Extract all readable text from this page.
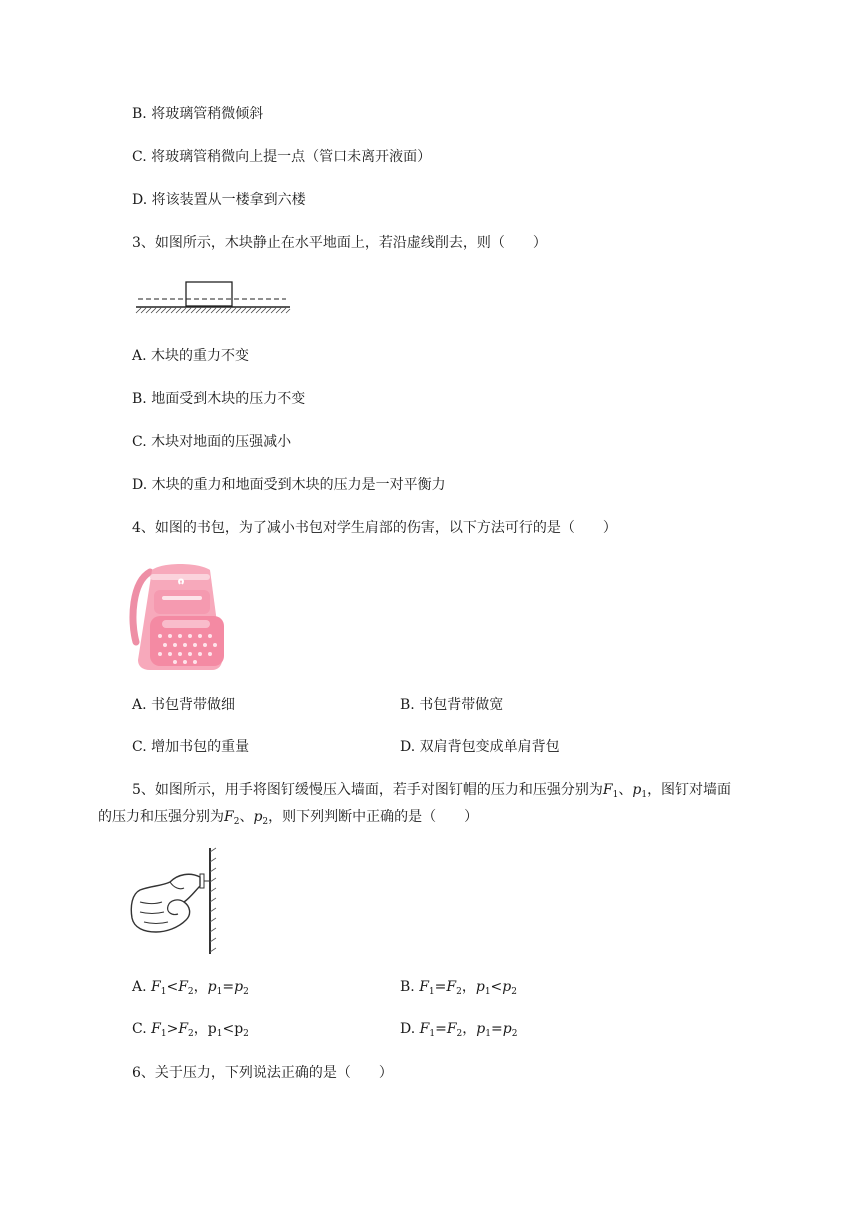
B. 将玻璃管稍微倾斜
C. 将玻璃管稍微向上提一点（管口未离开液面）
D. 将该装置从一楼拿到六楼
3、如图所示，木块静止在水平地面上，若沿虚线削去，则（　　）
A. 木块的重力不变
B. 地面受到木块的压力不变
C. 木块对地面的压强减小
D. 木块的重力和地面受到木块的压力是一对平衡力
4、如图的书包，为了减小书包对学生肩部的伤害，以下方法可行的是（　　）
A. 书包背带做细	B. 书包背带做宽
C. 增加书包的重量	D. 双肩背包变成单肩背包
5、如图所示，用手将图钉缓慢压入墙面，若手对图钉帽的压力和压强分别为$F_1$、$p_1$，图钉对墙面
的压力和压强分别为$F_2$、$p_2$，则下列判断中正确的是（　　）
A. $F_1<F_2$，$p_1=p_2$	B. $F_1=F_2$，$p_1<p_2$
C. $F_1>F_2$，$p_1<p_2$	D. $F_1=F_2$，$p_1=p_2$
6、关于压力，下列说法正确的是（　　）
